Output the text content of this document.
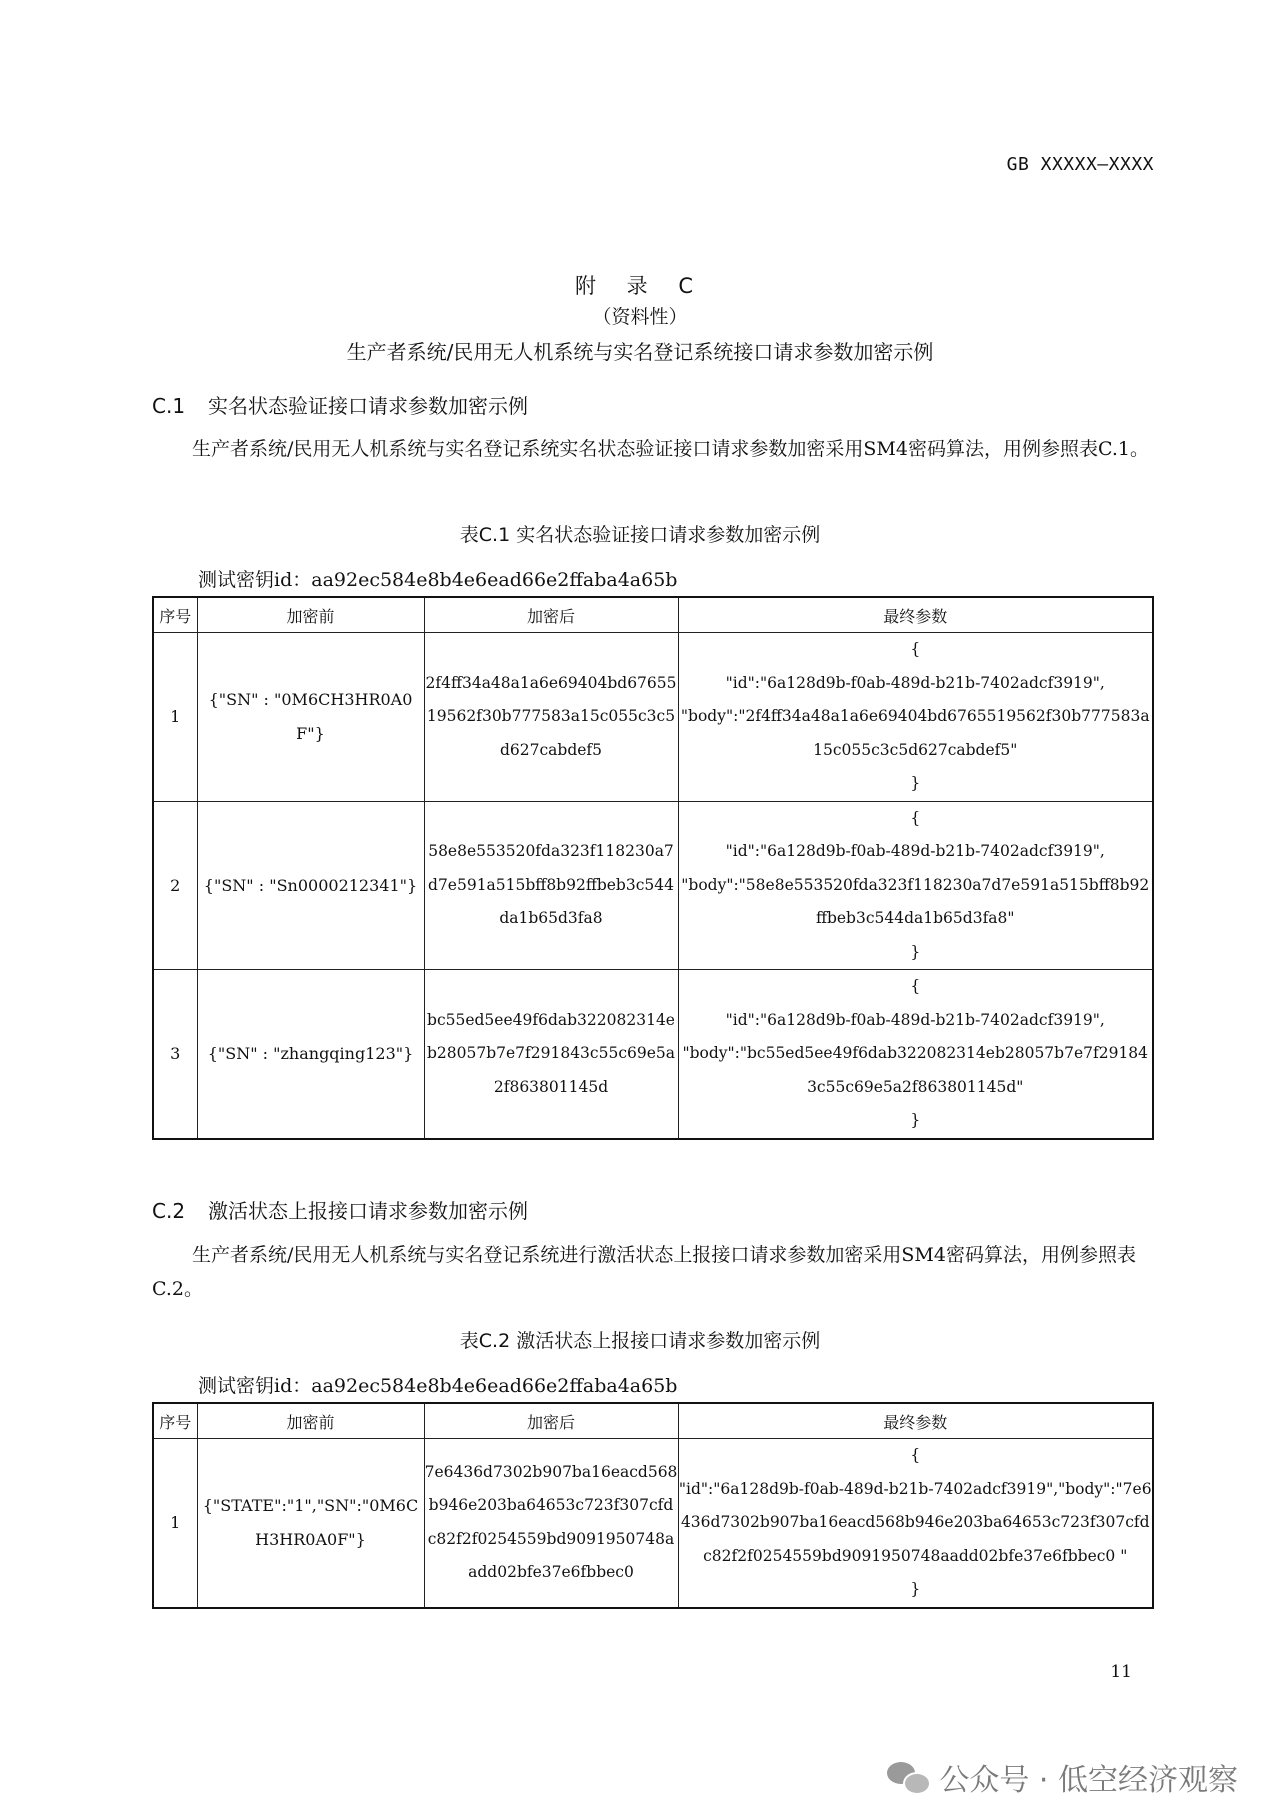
GB XXXXX—XXXX
附 录 C
（资料性）
生产者系统/民用无人机系统与实名登记系统接口请求参数加密示例
C.1 实名状态验证接口请求参数加密示例
生产者系统/民用无人机系统与实名登记系统实名状态验证接口请求参数加密采用SM4密码算法，用例参照表C.1。
表C.1 实名状态验证接口请求参数加密示例
测试密钥id：aa92ec584e8b4e6ead66e2ffaba4a65b
序号	加密前	加密后	最终参数
1	{"SN" : "0M6CH3HR0A0F"}	2f4ff34a48a1a6e69404bd6765519562f30b777583a15c055c3c5d627cabdef5	{
"id":"6a128d9b-f0ab-489d-b21b-7402adcf3919",
"body":"2f4ff34a48a1a6e69404bd6765519562f30b777583a15c055c3c5d627cabdef5"
}
2	{"SN" : "Sn0000212341"}	58e8e553520fda323f118230a7d7e591a515bff8b92ffbeb3c544da1b65d3fa8	{
"id":"6a128d9b-f0ab-489d-b21b-7402adcf3919",
"body":"58e8e553520fda323f118230a7d7e591a515bff8b92ffbeb3c544da1b65d3fa8"
}
3	{"SN" : "zhangqing123"}	bc55ed5ee49f6dab322082314eb28057b7e7f291843c55c69e5a2f863801145d	{
"id":"6a128d9b-f0ab-489d-b21b-7402adcf3919",
"body":"bc55ed5ee49f6dab322082314eb28057b7e7f291843c55c69e5a2f863801145d"
}
C.2 激活状态上报接口请求参数加密示例
生产者系统/民用无人机系统与实名登记系统进行激活状态上报接口请求参数加密采用SM4密码算法，用例参照表C.2。
表C.2 激活状态上报接口请求参数加密示例
测试密钥id：aa92ec584e8b4e6ead66e2ffaba4a65b
序号	加密前	加密后	最终参数
1	{"STATE":"1","SN":"0M6CH3HR0A0F"}	7e6436d7302b907ba16eacd568b946e203ba64653c723f307cfdc82f2f0254559bd9091950748aadd02bfe37e6fbbec0	{
"id":"6a128d9b-f0ab-489d-b21b-7402adcf3919","body":"7e6436d7302b907ba16eacd568b946e203ba64653c723f307cfdc82f2f0254559bd9091950748aadd02bfe37e6fbbec0 "
}
11
公众号 · 低空经济观察
